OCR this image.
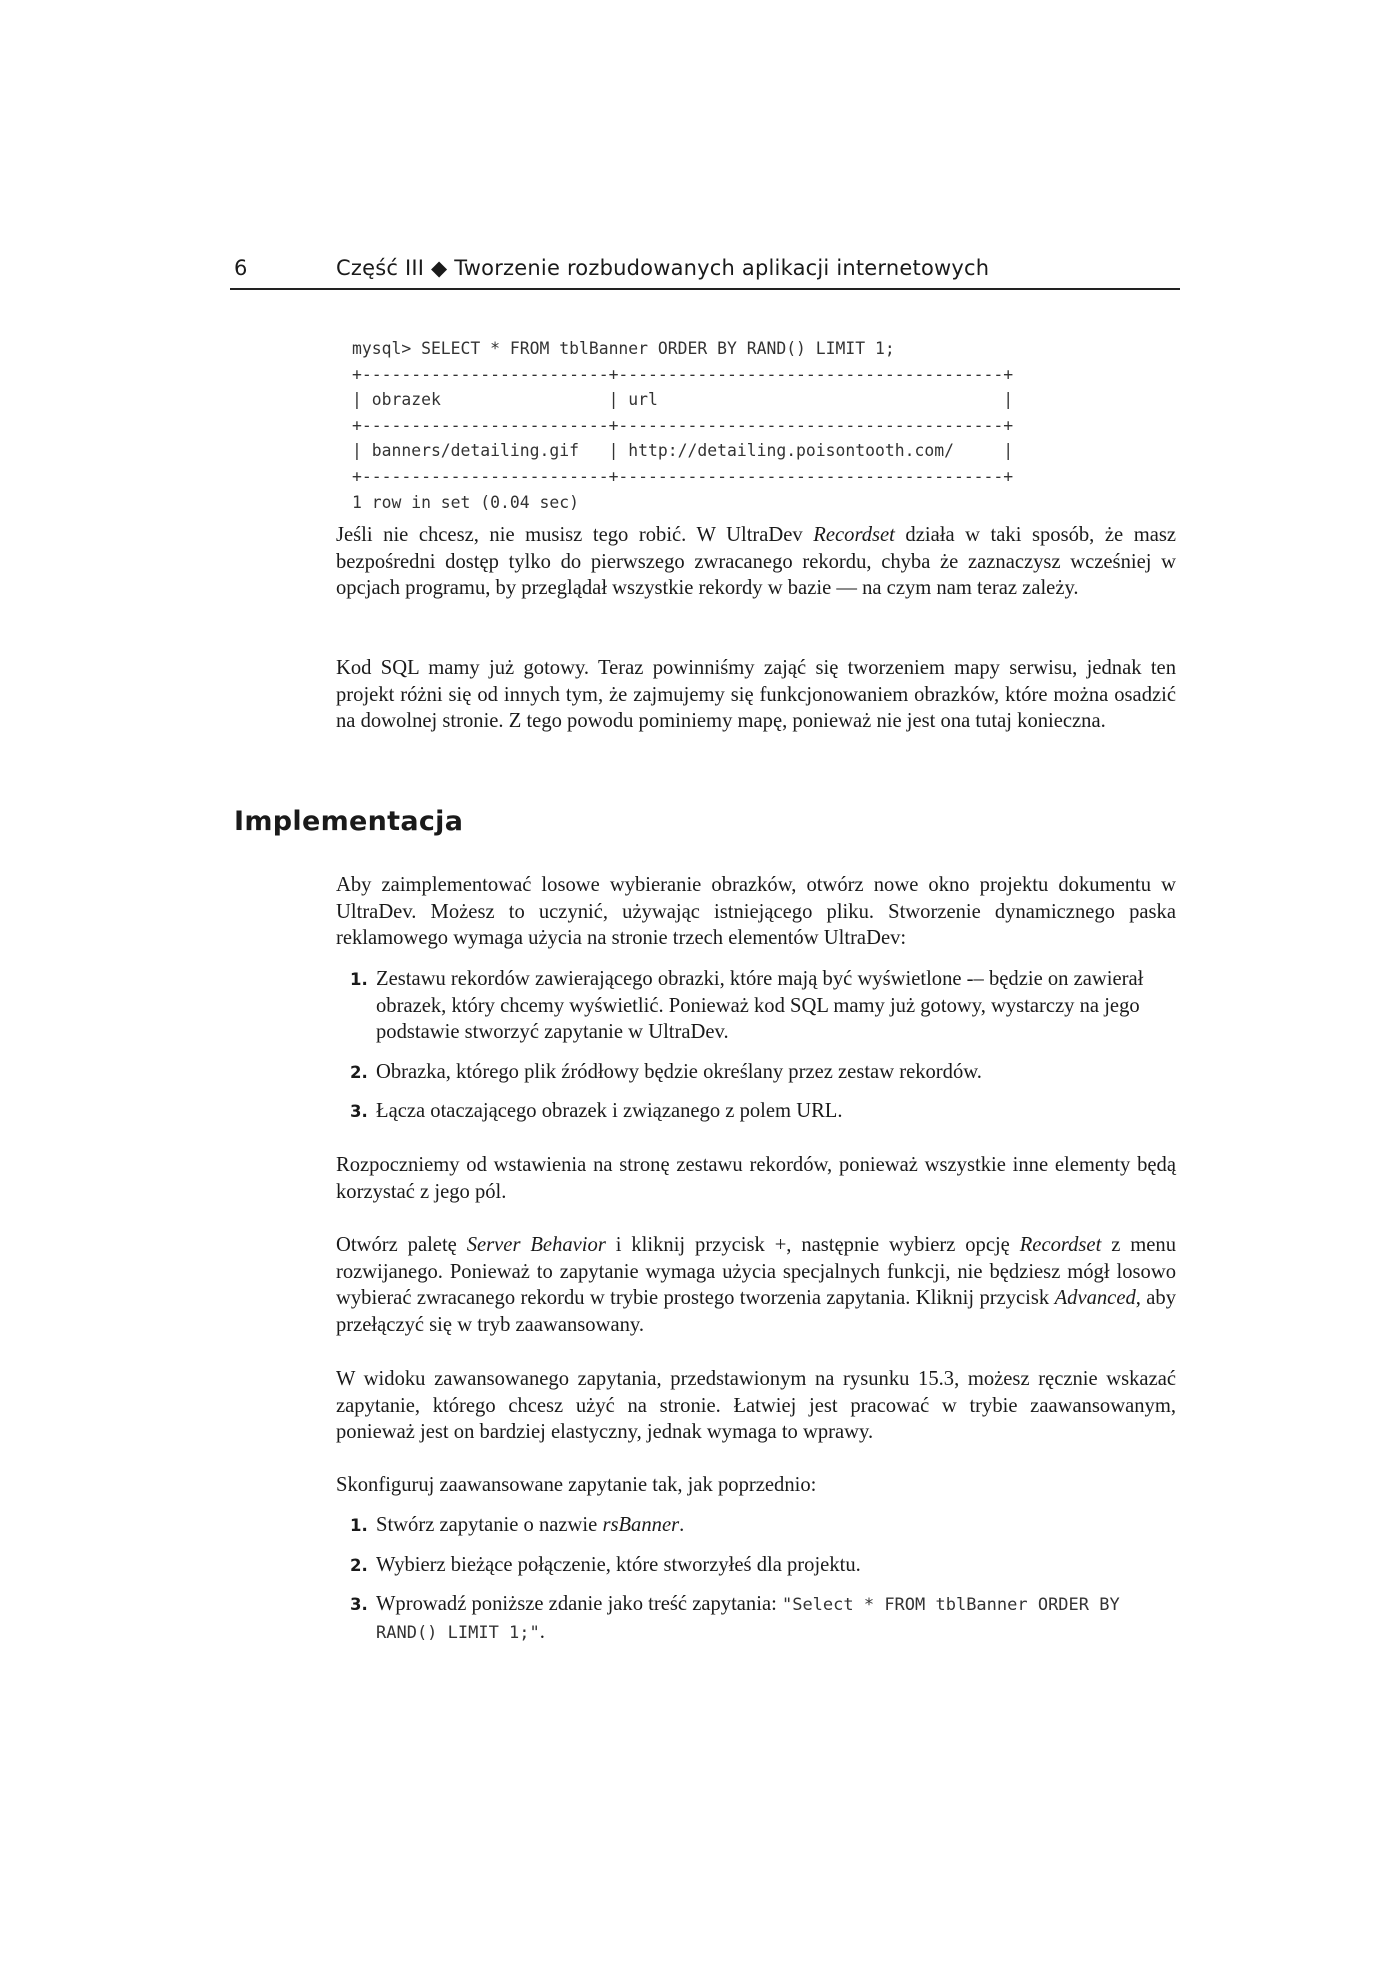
6	Część III ◆ Tworzenie rozbudowanych aplikacji internetowych
mysql> SELECT * FROM tblBanner ORDER BY RAND() LIMIT 1;
+-------------------------+---------------------------------------+
| obrazek                 | url                                   |
+-------------------------+---------------------------------------+
| banners/detailing.gif   | http://detailing.poisontooth.com/     |
+-------------------------+---------------------------------------+
1 row in set (0.04 sec)

Jeśli nie chcesz, nie musisz tego robić. W UltraDev Recordset działa w taki sposób, że masz bezpośredni dostęp tylko do pierwszego zwracanego rekordu, chyba że zaznaczysz wcześniej w opcjach programu, by przeglądał wszystkie rekordy w bazie — na czym nam teraz zależy.

Kod SQL mamy już gotowy. Teraz powinniśmy zająć się tworzeniem mapy serwisu, jednak ten projekt różni się od innych tym, że zajmujemy się funkcjonowaniem obrazków, które można osadzić na dowolnej stronie. Z tego powodu pominiemy mapę, ponieważ nie jest ona tutaj konieczna.

Implementacja

Aby zaimplementować losowe wybieranie obrazków, otwórz nowe okno projektu dokumentu w UltraDev. Możesz to uczynić, używając istniejącego pliku. Stworzenie dynamicznego paska reklamowego wymaga użycia na stronie trzech elementów UltraDev:

1. Zestawu rekordów zawierającego obrazki, które mają być wyświetlone -– będzie on zawierał obrazek, który chcemy wyświetlić. Ponieważ kod SQL mamy już gotowy, wystarczy na jego podstawie stworzyć zapytanie w UltraDev.
2. Obrazka, którego plik źródłowy będzie określany przez zestaw rekordów.
3. Łącza otaczającego obrazek i związanego z polem URL.

Rozpoczniemy od wstawienia na stronę zestawu rekordów, ponieważ wszystkie inne elementy będą korzystać z jego pól.

Otwórz paletę Server Behavior i kliknij przycisk +, następnie wybierz opcję Recordset z menu rozwijanego. Ponieważ to zapytanie wymaga użycia specjalnych funkcji, nie będziesz mógł losowo wybierać zwracanego rekordu w trybie prostego tworzenia zapytania. Kliknij przycisk Advanced, aby przełączyć się w tryb zaawansowany.

W widoku zawansowanego zapytania, przedstawionym na rysunku 15.3, możesz ręcznie wskazać zapytanie, którego chcesz użyć na stronie. Łatwiej jest pracować w trybie zaawansowanym, ponieważ jest on bardziej elastyczny, jednak wymaga to wprawy.

Skonfiguruj zaawansowane zapytanie tak, jak poprzednio:

1. Stwórz zapytanie o nazwie rsBanner.
2. Wybierz bieżące połączenie, które stworzyłeś dla projektu.
3. Wprowadź poniższe zdanie jako treść zapytania: "Select * FROM tblBanner ORDER BY RAND() LIMIT 1;".
